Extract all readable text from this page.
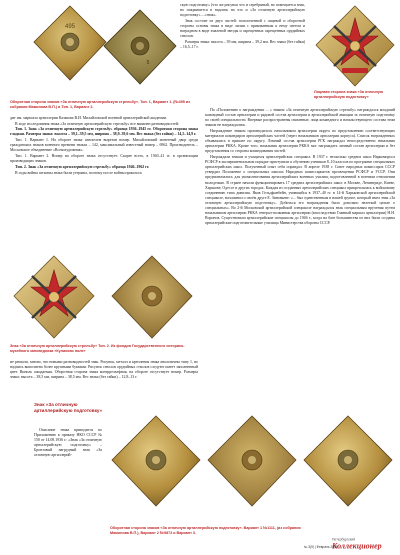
495
5
Оборотная сторона знаков «За отличную артиллерийскую стрельбу». Тип. 1, Вариант 1. (№495 из собрания Мамонова В.П.) и Тип. 1, Вариант 2.

дит им. маршала артиллерии Казакова В.И. Михайловской военной артиллерийской академии.

В ходе исследования знака «За отличную артиллерийскую стрельбу» все выявлен разновидностей:

Тип. 1. Знак «За отличную артиллерийскую стрельбу» образца 1936–1945 гг. Оборотная сторона знака гладкая. Размеры знака: высота – 39,1–39,5 мм, ширина – 38,9–39,6 мм. Вес знака (без гайки) – 14,5–14,9 г.

Тип. 1. Вариант 1. На обороте знака штихелем вырезан номер. Михайловский монетный двор среди гражданских знаков военного времени знаках – 142, максимальный известный номер – 6962. Производитель – Московское объединение «Всекохудожник».

Тип. 1. Вариант 2. Номер на обороте знака отсутствует. Скорее всего, в 1940–41 гг. в организации производящих знаков.

Тип. 2. Знак «За отличную артиллерийскую стрельбу» образца 1946–1962 гг.

В годы войны штампы знака были утеряны, поэтому после войны пришлось

скую подготовку» (что же рисунок что и серебряный, но помещается знак, но покрывается в надпись на что и «За отличную артиллерийскую подготовку» – «знак».

Знак состоит из двух частей: позолоченной с лицевой и оборотной стороны основы знака в виде лилии с прикованным к нему светом и наградном в виде эмалевой звезды и скрещенных скрещенных орудийных стволов.

Размеры знака: высота – 39 мм, ширина – 39,2 мм. Вес знака (без гайки) – 16,5–17 г.

Лицевая сторона знака «За отличную артиллерийскую подготовку»

По «Положению о награждении ... » знаком «За отличную артиллерийскую стрельбу» награждался младший командный состав артиллерии и рядовой состав артиллерии и артиллерийской авиации за отличную подготовку по своей специальности. Впервые распространены связанные, лица командного и начальствующего состава этим знаком не награждались.

Награждение знаком производилось начальником артиллерии округа по представлению соответствующих материалов командиров артиллерийских частей (через начальников артиллерии корпуса). Список награжденных объявлялись в приказе по округу. Личный состав артиллерии РГК награждал непосредственно начальник артиллерии РККА. Кроме того, начальник артиллерии РККА мог награждать личный состав артиллерии и без представления со стороны командования частей.

Награждали знаком и учащихся артиллерийских спецшкол. В 1937 г. несколько средних школ Наркомпроса РСФСР в экспериментальном порядке приступили к обучению учеников 8–10 классов по программе специальных артиллерийских школ. Полученный опыт себя оправдал. В апреле 1938 г. Совет народных комиссаров СССР утвердил Положение о специальных школах Народных комиссариатов просвещения РСФСР и УССР. Они предназначались для укомплектования артиллерийских военных училищ подготовленной в военном отношении молодежью. В стране начали функционировать 17 средних артиллерийских школ: в Москве, Ленинграде, Киеве, Харькове, Одессе и других городах. Каждая из созданных артиллерийских спецшкол прикреплялась к войсковому соединению типа дивизия. Яков Гельдфанбейн, учившийся в 1937–40 гг. в 14-й Харьковской артиллерийской спецшколе, вспоминал о своём друге Е. Зиновьеве: «... был единственным в нашей группе, который имел знак «За отличную артиллерийскую подготовку». Добиться его награждения было довольно нелегкой целью о специальных». Во 2-й Московской артиллерийской спецшколе награждался знак специальным вручения путем начальником артиллерии РККА генерал-полковник артиллерии (впоследствии Главный маршал артиллерии) Н.Н. Воронов. Существовали артиллерийские спецшколы до 1946 г., когда на базе большинства из них были созданы артиллерийские подготовительные училища Министерства обороны СССР.

Знак «За отличную артиллерийскую стрельбу» Тип. 2. Из фондов Государственного историко-музейного заповедника «Куликово поле»

ие решили, заново, что новыми разновидностей знак. Рисунок, металл и крепления знака аналогичны типу 1, но надпись выполнена более крупными буквами. Рисунок стволов орудийных стволов следуют имеет заполненный цвет. Виноль ожидаемая. Оборотная сторона знака контррельефная, на обороте отсутствует номер. Размеры знака: высота – 38,5 мм, ширина – 38,5 мм. Вес знака (без гайки) – 12,8–13 г.

Знак «За отличную артиллерийскую подготовку»

Описание знака приводится по Приложению к приказу НКО СССР № 150 от 14.08.1936 г.: «Знак «За отличную артиллерийскую подготовку» – Бронзовый нагрудный знак «За отличную артиллерий-

Оборотная сторона знаков «За отличную артиллерийскую подготовку». Вариант 1 №1111, (из собрания Мамонова В.П.), Вариант 2 №9872 и Вариант 3.
Петербургский
Коллекционер
№ 3(9) | Февраль 2019
